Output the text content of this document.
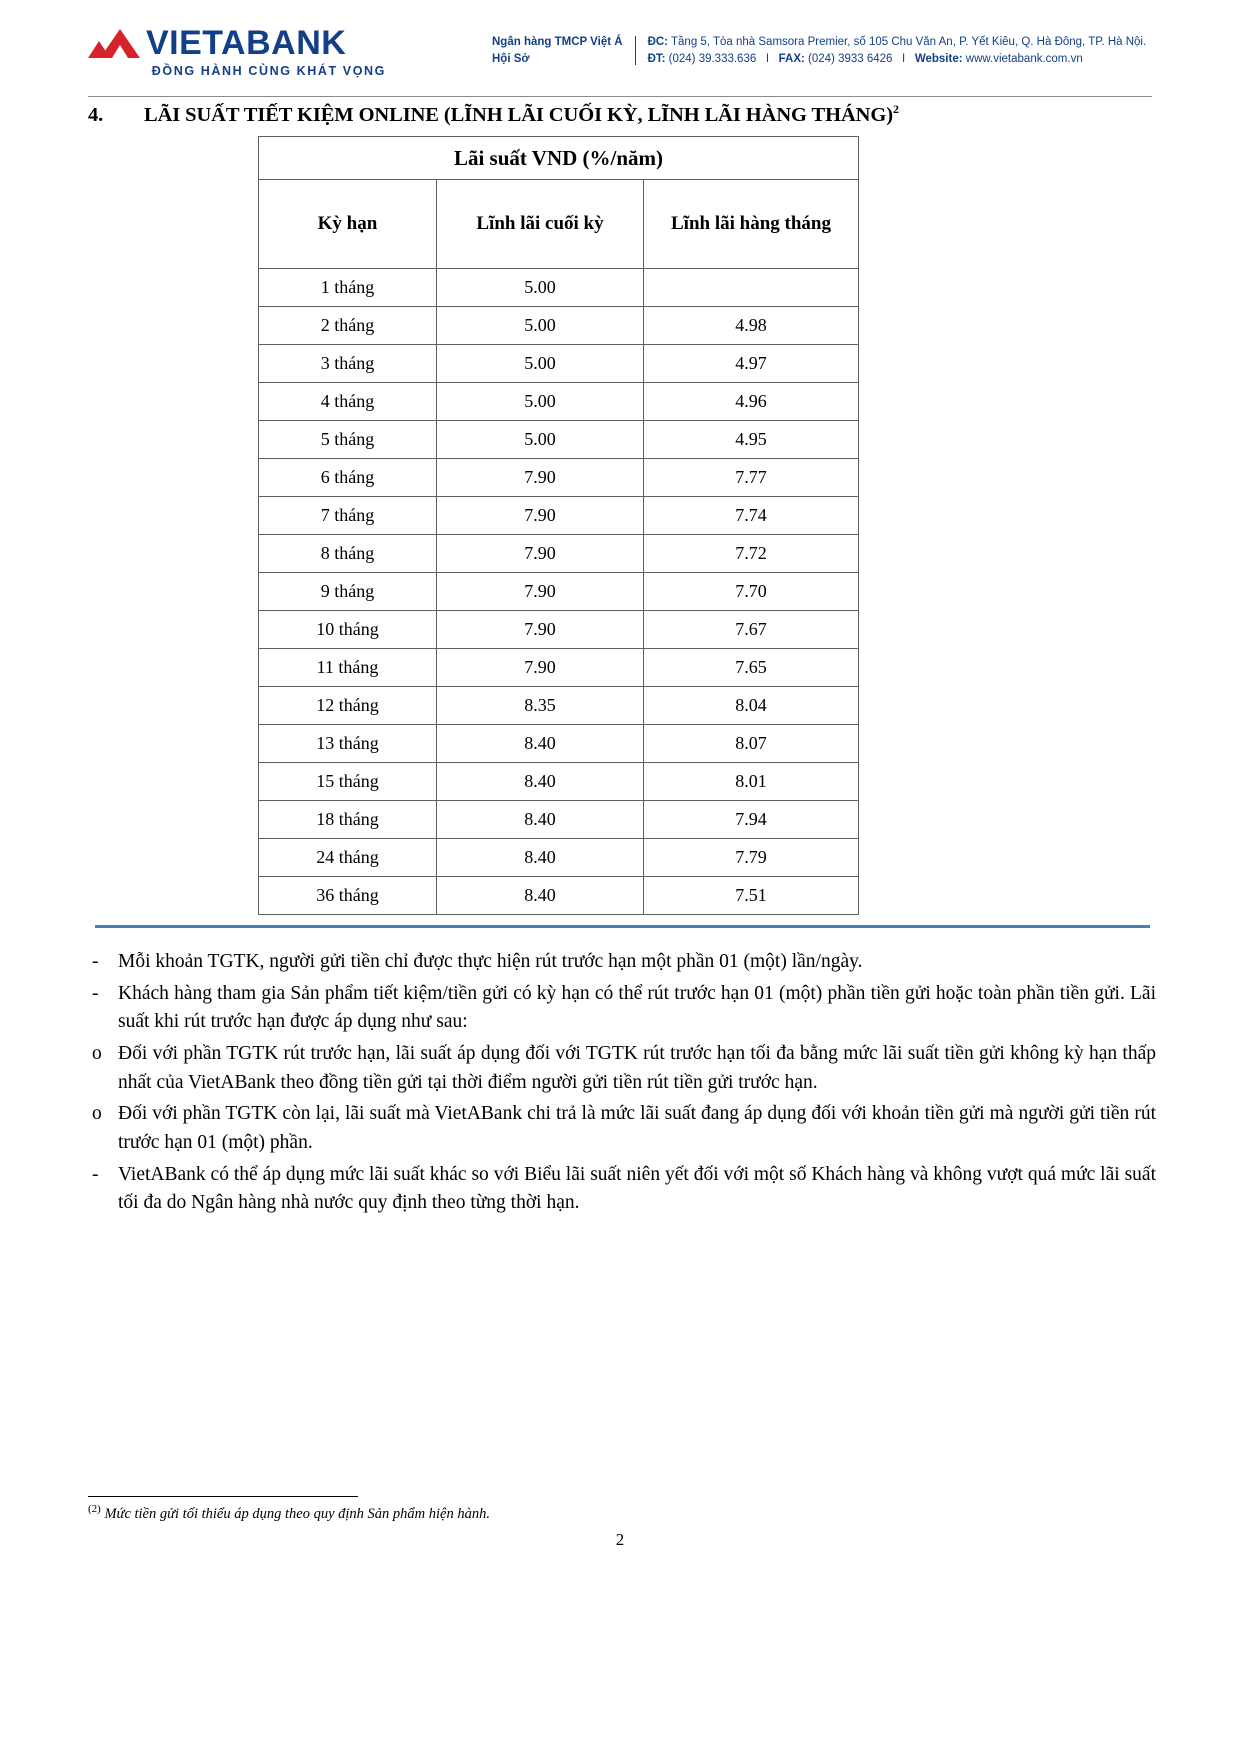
VIETABANK
ĐỒNG HÀNH CÙNG KHÁT VỌNG
Ngân hàng TMCP Việt Á
Hội Sở
ĐC: Tầng 5, Tòa nhà Samsora Premier, số 105 Chu Văn An, P. Yết Kiêu, Q. Hà Đông, TP. Hà Nội.
ĐT: (024) 39.333.636 I FAX: (024) 3933 6426 I Website: www.vietabank.com.vn
4.	LÃI SUẤT TIẾT KIỆM ONLINE (LĨNH LÃI CUỐI KỲ, LĨNH LÃI HÀNG THÁNG)$^2$
Lãi suất VND (%/năm)		
Kỳ hạn	Lĩnh lãi cuối kỳ	Lĩnh lãi hàng tháng
1 tháng	5.00	
2 tháng	5.00	4.98
3 tháng	5.00	4.97
4 tháng	5.00	4.96
5 tháng	5.00	4.95
6 tháng	7.90	7.77
7 tháng	7.90	7.74
8 tháng	7.90	7.72
9 tháng	7.90	7.70
10 tháng	7.90	7.67
11 tháng	7.90	7.65
12 tháng	8.35	8.04
13 tháng	8.40	8.07
15 tháng	8.40	8.01
18 tháng	8.40	7.94
24 tháng	8.40	7.79
36 tháng	8.40	7.51
-	Mỗi khoản TGTK, người gửi tiền chỉ được thực hiện rút trước hạn một phần 01 (một) lần/ngày.
-	Khách hàng tham gia Sản phẩm tiết kiệm/tiền gửi có kỳ hạn có thể rút trước hạn 01 (một) phần tiền gửi hoặc toàn phần tiền gửi. Lãi suất khi rút trước hạn được áp dụng như sau:
o Đối với phần TGTK rút trước hạn, lãi suất áp dụng đối với TGTK rút trước hạn tối đa bằng mức lãi suất tiền gửi không kỳ hạn thấp nhất của VietABank theo đồng tiền gửi tại thời điểm người gửi tiền rút tiền gửi trước hạn.
o Đối với phần TGTK còn lại, lãi suất mà VietABank chi trả là mức lãi suất đang áp dụng đối với khoản tiền gửi mà người gửi tiền rút trước hạn 01 (một) phần.
-	VietABank có thể áp dụng mức lãi suất khác so với Biểu lãi suất niên yết đối với một số Khách hàng và không vượt quá mức lãi suất tối đa do Ngân hàng nhà nước quy định theo từng thời hạn.
$^{(2)}$ Mức tiền gửi tối thiểu áp dụng theo quy định Sản phẩm hiện hành.
2
